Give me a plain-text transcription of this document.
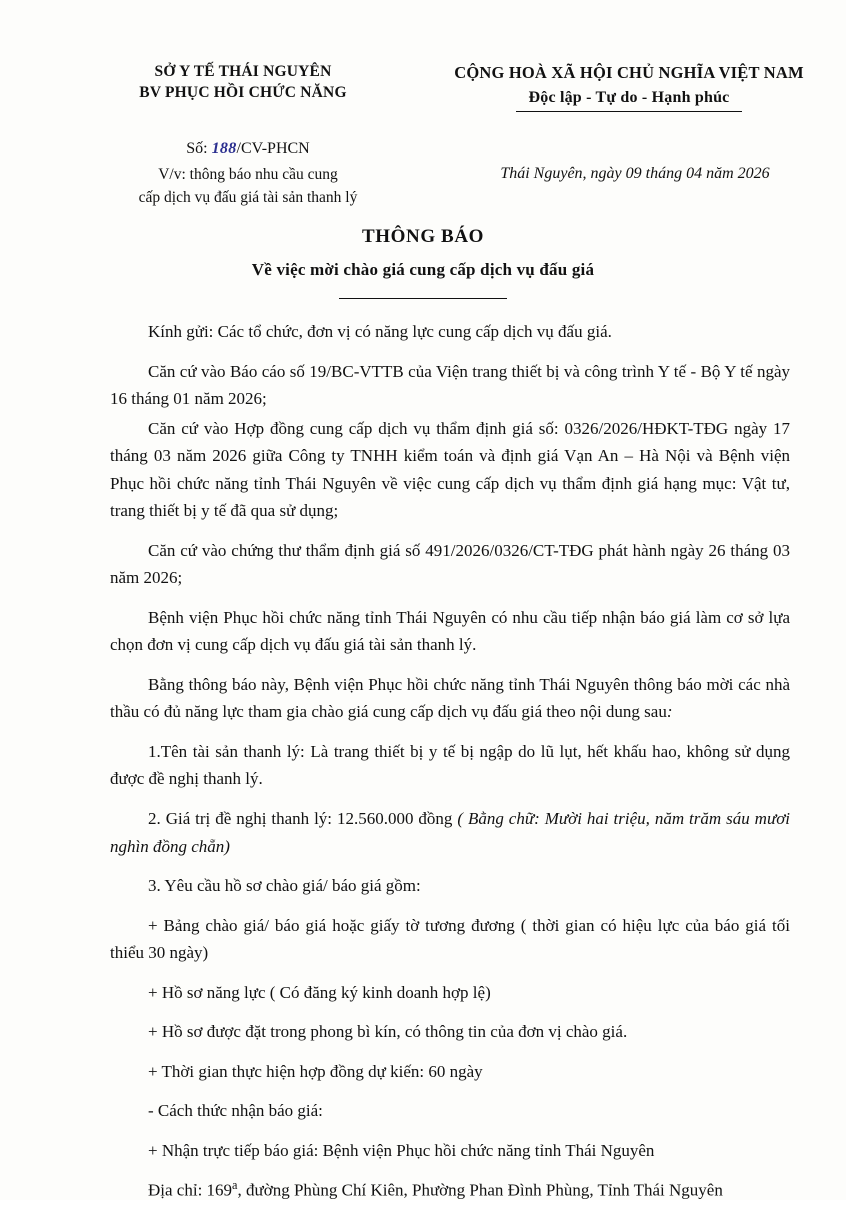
SỞ Y TẾ THÁI NGUYÊN
BV PHỤC HỒI CHỨC NĂNG
CỘNG HOÀ XÃ HỘI CHỦ NGHĨA VIỆT NAM
Độc lập - Tự do - Hạnh phúc
Số: 188/CV-PHCN
V/v: thông báo nhu cầu cung
cấp dịch vụ đấu giá tài sản thanh lý
Thái Nguyên, ngày 09 tháng 04 năm 2026
THÔNG BÁO
Về việc mời chào giá cung cấp dịch vụ đấu giá

Kính gửi: Các tổ chức, đơn vị có năng lực cung cấp dịch vụ đấu giá.

Căn cứ vào Báo cáo số 19/BC-VTTB của Viện trang thiết bị và công trình Y tế - Bộ Y tế ngày 16 tháng 01 năm 2026;

Căn cứ vào Hợp đồng cung cấp dịch vụ thẩm định giá số: 0326/2026/HĐKT-TĐG ngày 17 tháng 03 năm 2026 giữa Công ty TNHH kiểm toán và định giá Vạn An – Hà Nội và Bệnh viện Phục hồi chức năng tỉnh Thái Nguyên về việc cung cấp dịch vụ thẩm định giá hạng mục: Vật tư, trang thiết bị y tế đã qua sử dụng;

Căn cứ vào chứng thư thẩm định giá số 491/2026/0326/CT-TĐG phát hành ngày 26 tháng 03 năm 2026;

Bệnh viện Phục hồi chức năng tỉnh Thái Nguyên có nhu cầu tiếp nhận báo giá làm cơ sở lựa chọn đơn vị cung cấp dịch vụ đấu giá tài sản thanh lý.

Bằng thông báo này, Bệnh viện Phục hồi chức năng tỉnh Thái Nguyên thông báo mời các nhà thầu có đủ năng lực tham gia chào giá cung cấp dịch vụ đấu giá theo nội dung sau:

1.Tên tài sản thanh lý: Là trang thiết bị y tế bị ngập do lũ lụt, hết khấu hao, không sử dụng được đề nghị thanh lý.

2. Giá trị đề nghị thanh lý: 12.560.000 đồng ( Bằng chữ: Mười hai triệu, năm trăm sáu mươi nghìn đồng chẵn)

3. Yêu cầu hồ sơ chào giá/ báo giá gồm:

+ Bảng chào giá/ báo giá hoặc giấy tờ tương đương ( thời gian có hiệu lực của báo giá tối thiểu 30 ngày)

+ Hồ sơ năng lực ( Có đăng ký kinh doanh hợp lệ)

+ Hồ sơ được đặt trong phong bì kín, có thông tin của đơn vị chào giá.

+ Thời gian thực hiện hợp đồng dự kiến: 60 ngày

- Cách thức nhận báo giá:

+ Nhận trực tiếp báo giá: Bệnh viện Phục hồi chức năng tỉnh Thái Nguyên

Địa chỉ: 169$^a$, đường Phùng Chí Kiên, Phường Phan Đình Phùng, Tỉnh Thái Nguyên
